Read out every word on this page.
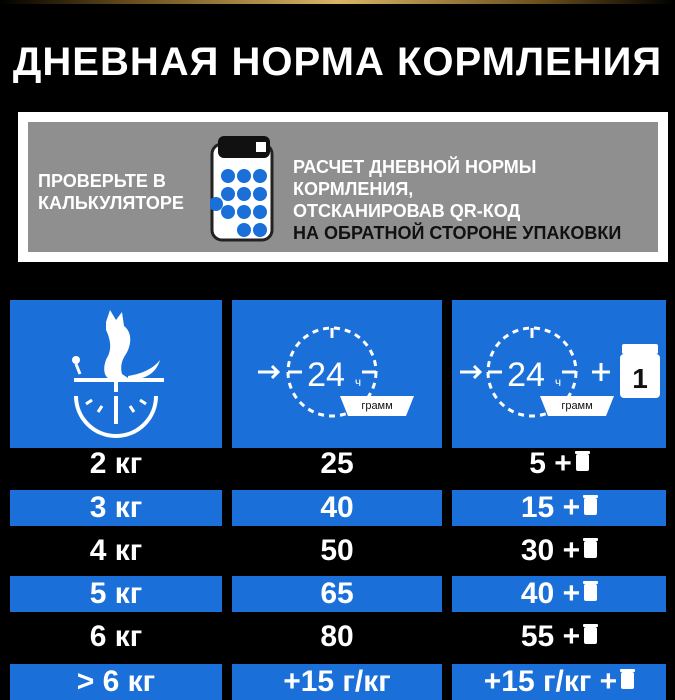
ДНЕВНАЯ НОРМА КОРМЛЕНИЯ
ПРОВЕРЬТЕ В
КАЛЬКУЛЯТОРЕ
РАСЧЕТ ДНЕВНОЙ НОРМЫ КОРМЛЕНИЯ,
ОТСКАНИРОВАВ QR-КОД
НА ОБРАТНОЙ СТОРОНЕ УПАКОВКИ
24 ч
грамм
24 ч
грамм
1
2 кг	25	5 +
3 кг	40	15 +
4 кг	50	30 +
5 кг	65	40 +
6 кг	80	55 +
> 6 кг	+15 г/кг	+15 г/кг +
